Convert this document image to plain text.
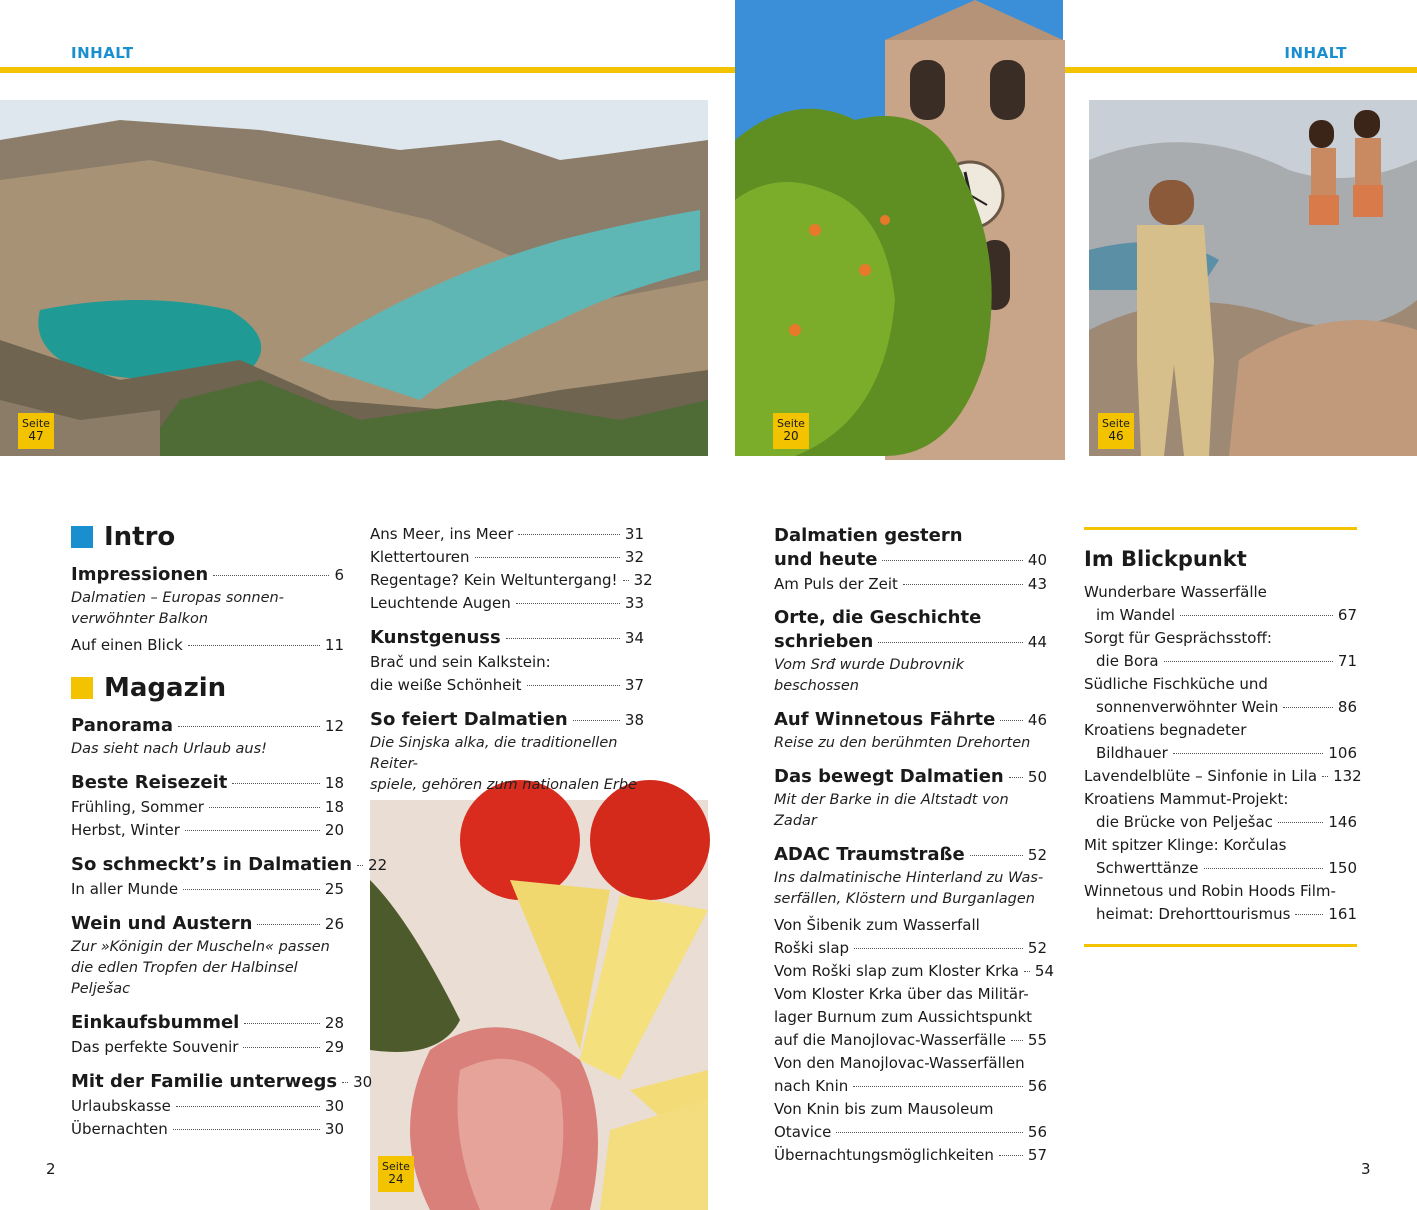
INHALT	INHALT
Seite
47
Seite
20
Seite
46
Seite
24
Intro
Impressionen	6
Dalmatien – Europas sonnen-
verwöhnter Balkon
Auf einen Blick	11
Magazin
Panorama	12
Das sieht nach Urlaub aus!
Beste Reisezeit	18
Frühling, Sommer	18
Herbst, Winter	20
So schmeckt’s in Dalmatien 22
In aller Munde	25
Wein und Austern	26
Zur »Königin der Muscheln« passen
die edlen Tropfen der Halbinsel Pelješac
Einkaufsbummel	28
Das perfekte Souvenir	29
Mit der Familie unterwegs 30
Urlaubskasse	30
Übernachten	30
Ans Meer, ins Meer	31
Klettertouren	32
Regentage? Kein Weltuntergang! 32
Leuchtende Augen	33
Kunstgenuss	34
Brač und sein Kalkstein:
die weiße Schönheit	37
So feiert Dalmatien	38
Die Sinjska alka, die traditionellen Reiter-
spiele, gehören zum nationalen Erbe
Dalmatien gestern
und heute	40
Am Puls der Zeit	43
Orte, die Geschichte
schrieben	44
Vom Srđ wurde Dubrovnik beschossen
Auf Winnetous Fährte 46
Reise zu den berühmten Drehorten
Das bewegt Dalmatien 50
Mit der Barke in die Altstadt von Zadar
ADAC Traumstraße	52
Ins dalmatinische Hinterland zu Was-
serfällen, Klöstern und Burganlagen
Von Šibenik zum Wasserfall
Roški slap	52
Vom Roški slap zum Kloster Krka 54
Vom Kloster Krka über das Militär-
lager Burnum zum Aussichtspunkt
auf die Manojlovac-Wasserfälle 55
Von den Manojlovac-Wasserfällen
nach Knin	56
Von Knin bis zum Mausoleum
Otavice	56
Übernachtungsmöglichkeiten 57
Im Blickpunkt
Wunderbare Wasserfälle
im Wandel	67
Sorgt für Gesprächsstoff:
die Bora	71
Südliche Fischküche und
sonnenverwöhnter Wein	86
Kroatiens begnadeter
Bildhauer	106
Lavendelblüte – Sinfonie in Lila 132
Kroatiens Mammut-Projekt:
die Brücke von Pelješac	146
Mit spitzer Klinge: Korčulas
Schwerttänze	150
Winnetous und Robin Hoods Film-
heimat: Drehorttourismus	161
2	3
